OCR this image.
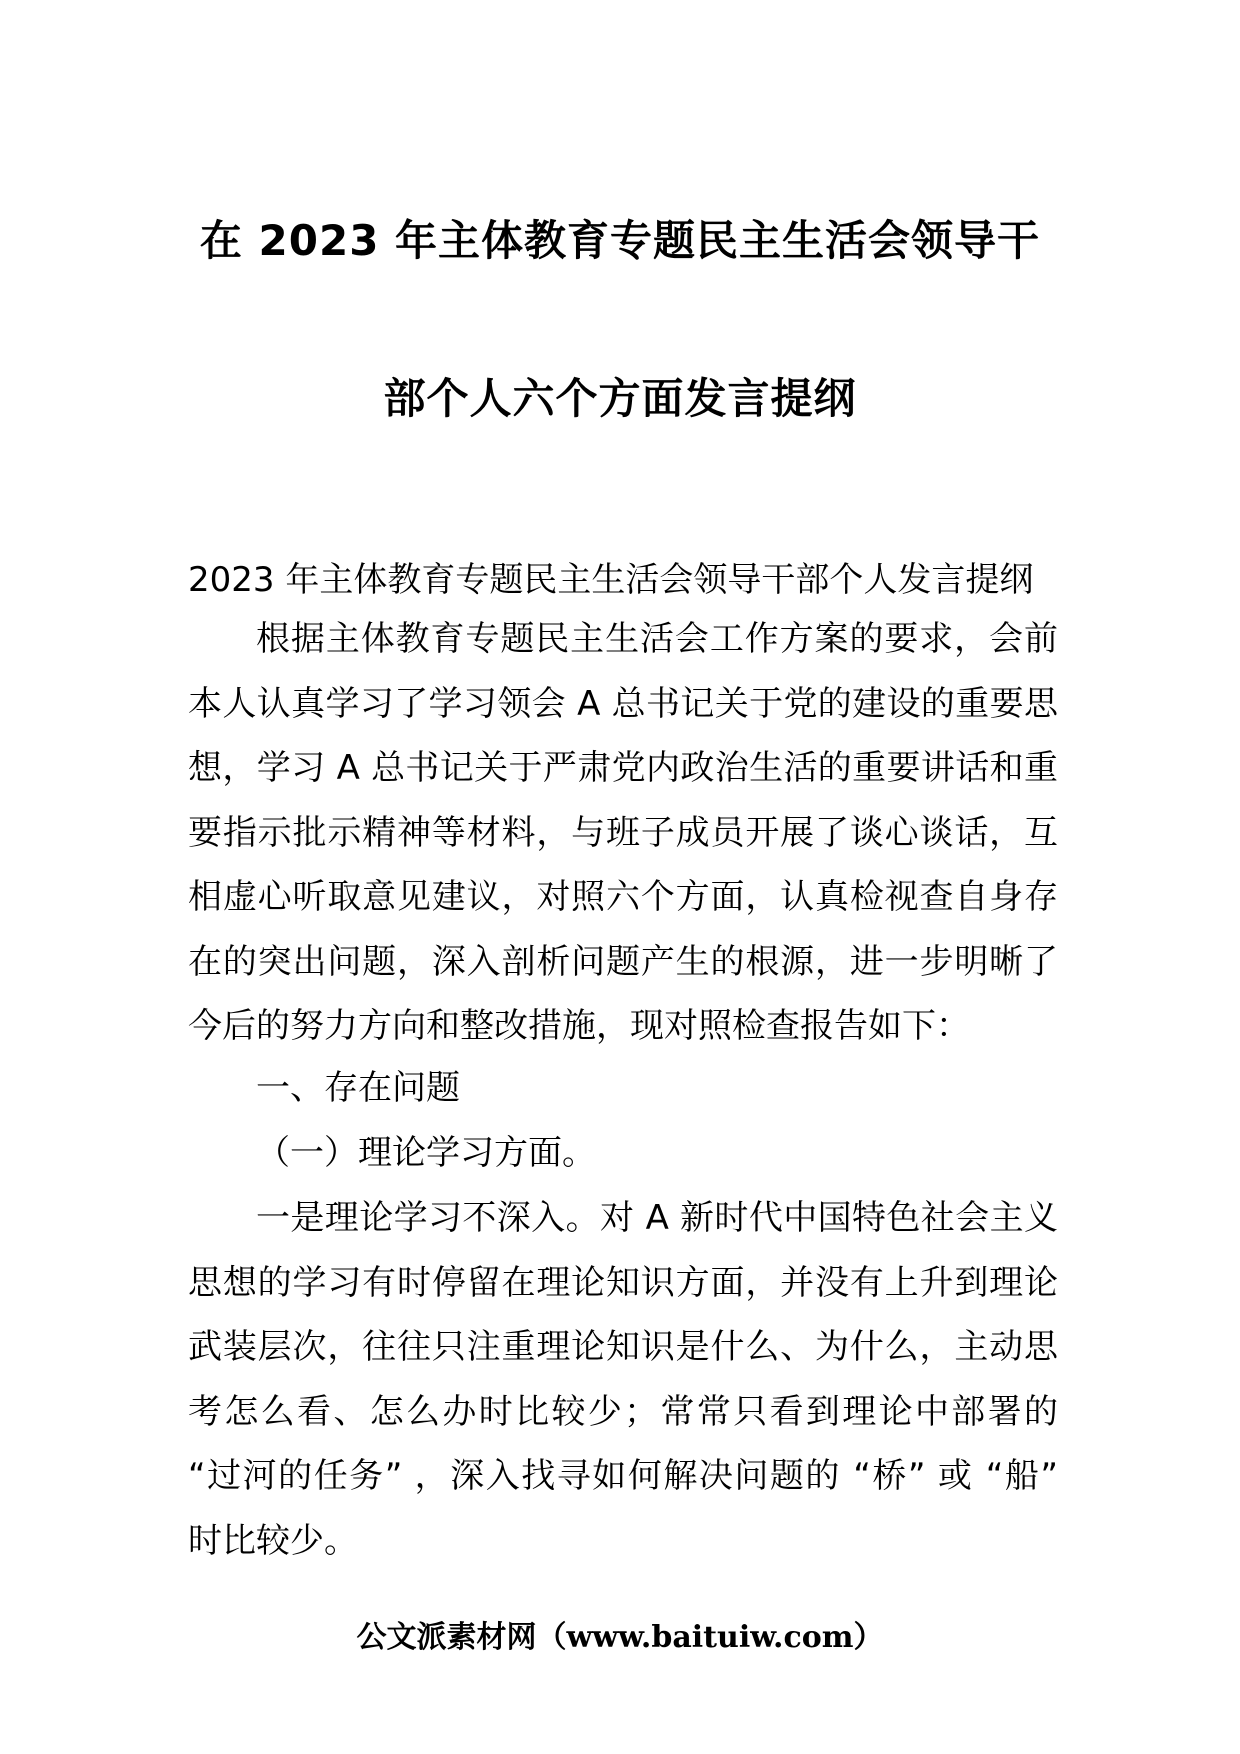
在 2023 年主体教育专题民主生活会领导干
部个人六个方面发言提纲
2023 年主体教育专题民主生活会领导干部个人发言提纲
根据主体教育专题民主生活会工作方案的要求，会前本人认真学习了学习领会 A 总书记关于党的建设的重要思想，学习 A 总书记关于严肃党内政治生活的重要讲话和重要指示批示精神等材料，与班子成员开展了谈心谈话，互相虚心听取意见建议，对照六个方面，认真检视查自身存在的突出问题，深入剖析问题产生的根源，进一步明晰了今后的努力方向和整改措施，现对照检查报告如下：
一、存在问题
（一）理论学习方面。
一是理论学习不深入。对 A 新时代中国特色社会主义思想的学习有时停留在理论知识方面，并没有上升到理论武装层次，往往只注重理论知识是什么、为什么，主动思考怎么看、怎么办时比较少；常常只看到理论中部署的 “过河的任务” ，深入找寻如何解决问题的 “桥” 或 “船” 时比较少。
公文派素材网（www.baituiw.com）
